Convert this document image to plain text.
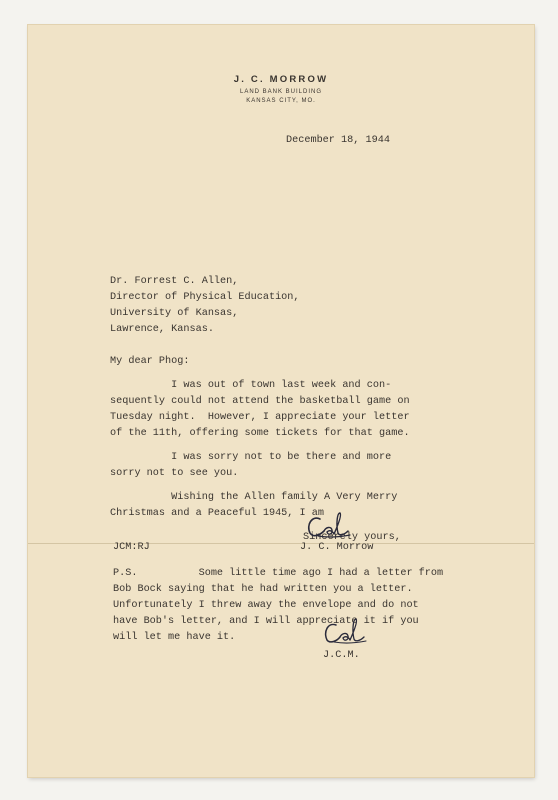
J. C. MORROW
LAND BANK BUILDING
KANSAS CITY, MO.
December 18, 1944
Dr. Forrest C. Allen,
Director of Physical Education,
University of Kansas,
Lawrence, Kansas.
My dear Phog:
I was out of town last week and con-
sequently could not attend the basketball game on
Tuesday night.  However, I appreciate your letter
of the 11th, offering some tickets for that game.
I was sorry not to be there and more
sorry not to see you.
Wishing the Allen family A Very Merry
Christmas and a Peaceful 1945, I am
Sincerely yours,
JCM:RJ	J. C. Morrow
P.S.          Some little time ago I had a letter from
Bob Bock saying that he had written you a letter.
Unfortunately I threw away the envelope and do not
have Bob's letter, and I will appreciate it if you
will let me have it.
J.C.M.
